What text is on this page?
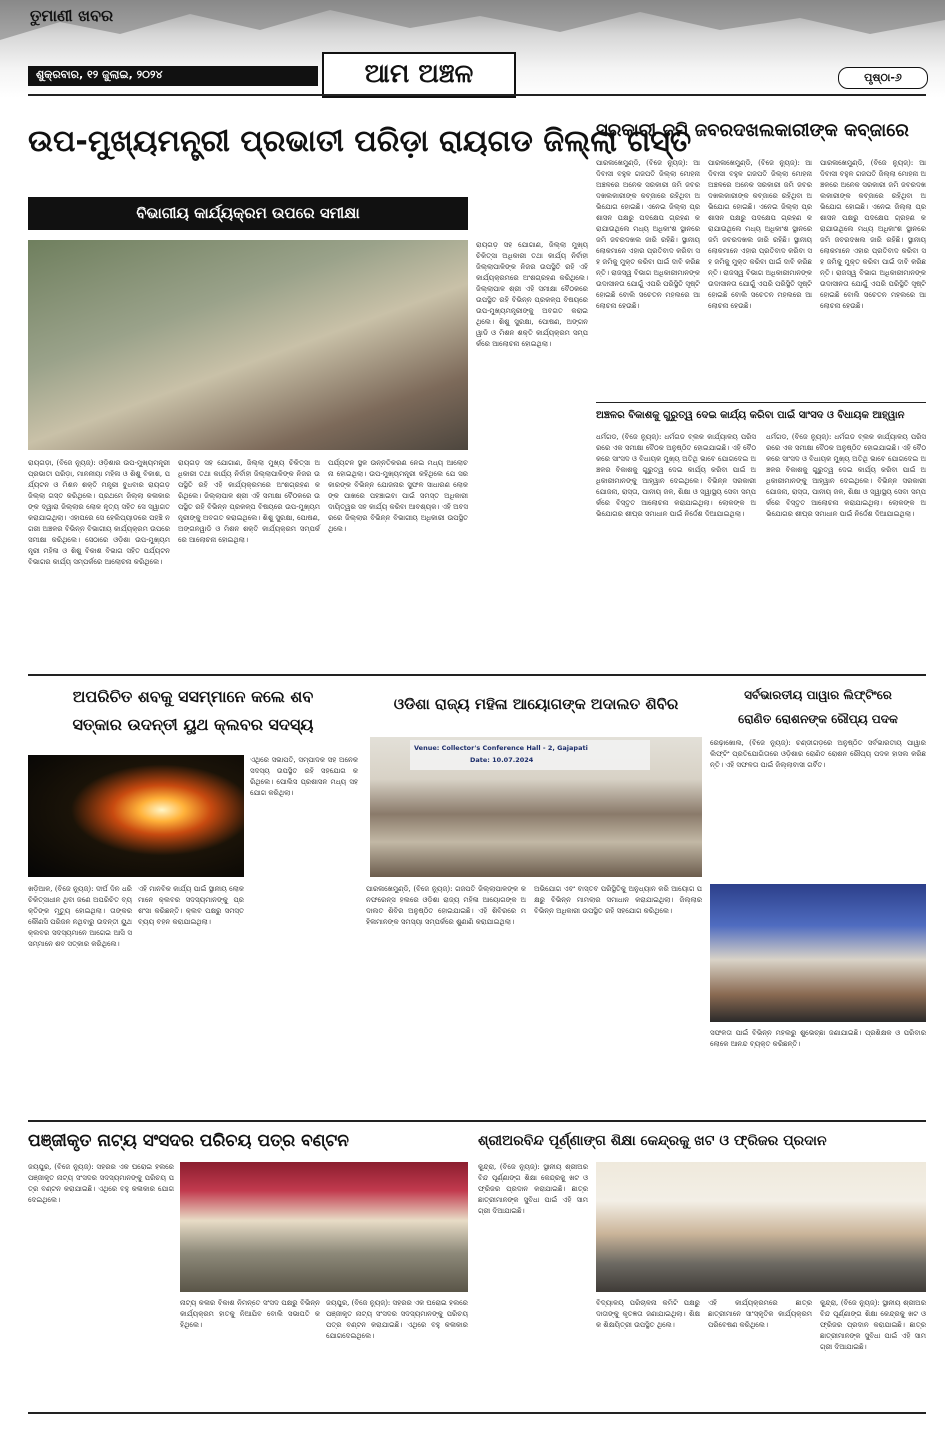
ତୁମାଣୀ ଖବର
ଆମ ଅଞ୍ଚଳ
ଶୁକ୍ରବାର, ୧୨ ଜୁଲାଇ, ୨୦୨୪	ପୃଷ୍ଠା-୬
ଉପ-ମୁଖ୍ୟମନ୍ତ୍ରୀ ପ୍ରଭାତୀ ପରିଡ଼ା ରାୟଗଡ ଜିଲ୍ଲା ଗସ୍ତ
ବିଭାଗୀୟ କାର୍ଯ୍ୟକ୍ରମ ଉପରେ ସମୀକ୍ଷା
ରାୟଗଡ଼ା, (ବିଜେ ନ୍ୟୁଜ୍): ଓଡ଼ିଶାର ଉପ-ମୁଖ୍ୟମନ୍ତ୍ରୀ ପ୍ରଭାତୀ ପରିଡ଼ା, ମାନନୀୟା ମହିଳା ଓ ଶିଶୁ ବିକାଶ, ପର୍ଯ୍ୟଟନ ଓ ମିଶନ ଶକ୍ତି ମନ୍ତ୍ରୀ ବୁଧବାର ରାୟଗଡ଼ ଜିଲ୍ଲା ଗସ୍ତ କରିଥିଲେ। ପ୍ରଥମେ ଜିଲ୍ଲା କଳାକାରଙ୍କ ଦ୍ୱାରା ଜିଲ୍ଲାର ଲୋକ ନୃତ୍ୟ ସହିତ ସେ ସ୍ୱାଗତ କରାଯାଇଥିଲା। ଏହାପରେ ସେ ହେଲିପ୍ୟାଡରେ ପହଞ୍ଚି ନଗରୀ ଅଞ୍ଚଳର ବିଭିନ୍ନ ବିଭାଗୀୟ କାର୍ଯ୍ୟକ୍ରମ ଉପରେ ସମୀକ୍ଷା କରିଥିଲେ। ସେଠାରେ ଓଡ଼ିଶା ଉପ-ମୁଖ୍ୟମନ୍ତ୍ରୀ ମହିଳା ଓ ଶିଶୁ ବିକାଶ ବିଭାଗ ସହିତ ପର୍ଯ୍ୟଟନ ବିଭାଗର କାର୍ଯ୍ୟ ସମ୍ପର୍କରେ ଆଲୋଚନା କରିଥିଲେ।
ରାୟଗଡ଼ ସହ ଯୋଗାଣ, ଜିଲ୍ଲା ମୁଖ୍ୟ ଚିକିତ୍ସା ଅଧିକାରୀ ତଥା କାର୍ଯ୍ୟ ନିର୍ବାହୀ ଜିଲ୍ଲାପାଳିଙ୍କ ନିଜର ଉପସ୍ଥିତି ରହି ଏହି କାର୍ଯ୍ୟକ୍ରମରେ ଅଂଶଗ୍ରହଣ କରିଥିଲେ। ଜିଲ୍ଲାପାଳ ଶ୍ରୀ ଏହି ସମୀକ୍ଷା ବୈଠକରେ ଉପସ୍ଥିତ ରହି ବିଭିନ୍ନ ପ୍ରକଳ୍ପ ବିଷୟରେ ଉପ-ମୁଖ୍ୟମନ୍ତ୍ରୀଙ୍କୁ ଅବଗତ କରାଇଥିଲେ। ଶିଶୁ ସୁରକ୍ଷା, ପୋଷଣ, ଅଙ୍ଗନୱାଡି ଓ ମିଶନ ଶକ୍ତି କାର୍ଯ୍ୟକ୍ରମ ସମ୍ପର୍କରେ ଆଲୋଚନା ହୋଇଥିଲା।
ପର୍ଯ୍ୟଟନ ସ୍ଥଳ ଉନ୍ନତିକରଣ ନେଇ ମଧ୍ୟ ଆଲୋଚନା ହୋଇଥିଲା। ଉପ-ମୁଖ୍ୟମନ୍ତ୍ରୀ କହିଥିଲେ ଯେ ସରକାରଙ୍କ ବିଭିନ୍ନ ଯୋଜନାର ସୁଫଳ ସାଧାରଣ ଲୋକଙ୍କ ପାଖରେ ପହଞ୍ଚାଇବା ପାଇଁ ସମସ୍ତ ଅଧିକାରୀ ଦାୟିତ୍ୱର ସହ କାର୍ଯ୍ୟ କରିବା ଆବଶ୍ୟକ। ଏହି ଅବସରରେ ଜିଲ୍ଲାର ବିଭିନ୍ନ ବିଭାଗୀୟ ଅଧିକାରୀ ଉପସ୍ଥିତ ଥିଲେ।
ରାୟଗଡ଼ ସହ ଯୋଗାଣ, ଜିଲ୍ଲା ମୁଖ୍ୟ ଚିକିତ୍ସା ଅଧିକାରୀ ତଥା କାର୍ଯ୍ୟ ନିର୍ବାହୀ ଜିଲ୍ଲାପାଳିଙ୍କ ନିଜର ଉପସ୍ଥିତି ରହି ଏହି କାର୍ଯ୍ୟକ୍ରମରେ ଅଂଶଗ୍ରହଣ କରିଥିଲେ। ଜିଲ୍ଲାପାଳ ଶ୍ରୀ ଏହି ସମୀକ୍ଷା ବୈଠକରେ ଉପସ୍ଥିତ ରହି ବିଭିନ୍ନ ପ୍ରକଳ୍ପ ବିଷୟରେ ଉପ-ମୁଖ୍ୟମନ୍ତ୍ରୀଙ୍କୁ ଅବଗତ କରାଇଥିଲେ। ଶିଶୁ ସୁରକ୍ଷା, ପୋଷଣ, ଅଙ୍ଗନୱାଡି ଓ ମିଶନ ଶକ୍ତି କାର୍ଯ୍ୟକ୍ରମ ସମ୍ପର୍କରେ ଆଲୋଚନା ହୋଇଥିଲା।
ସରକାରୀ ଜମି ଜବରଦଖଲକାରୀଙ୍କ କବ୍ଜାରେ
ପାରଳାଖେମୁଣ୍ଡି, (ବିଜେ ନ୍ୟୁଜ୍): ଆଦିବାସୀ ବହୁଳ ଗଜପତି ଜିଲ୍ଲା ମୋହନା ଅଞ୍ଚଳରେ ଅନେକ ସରକାରୀ ଜମି ଜବରଦଖଲକାରୀଙ୍କ କବ୍ଜାରେ ରହିଥିବା ଅଭିଯୋଗ ହୋଇଛି। ଏନେଇ ଜିଲ୍ଲା ପ୍ରଶାସନ ପକ୍ଷରୁ ପଦକ୍ଷେପ ଗ୍ରହଣ କରାଯାଉଥିଲେ ମଧ୍ୟ ଅଧିକାଂଶ ସ୍ଥାନରେ ଜମି ଜବରଦଖଲ ଜାରି ରହିଛି। ସ୍ଥାନୀୟ ଲୋକମାନେ ଏହାର ପ୍ରତିବାଦ କରିବା ସହ ଜମିକୁ ମୁକ୍ତ କରିବା ପାଇଁ ଦାବି କରିଛନ୍ତି। ରାଜସ୍ୱ ବିଭାଗ ଅଧିକାରୀମାନଙ୍କ ଉଦାସୀନତା ଯୋଗୁଁ ଏପରି ପରିସ୍ଥିତି ସୃଷ୍ଟି ହୋଇଛି ବୋଲି ସଚେତନ ମହଲରେ ଆଲୋଚନା ହେଉଛି।
ପାରଳାଖେମୁଣ୍ଡି, (ବିଜେ ନ୍ୟୁଜ୍): ଆଦିବାସୀ ବହୁଳ ଗଜପତି ଜିଲ୍ଲା ମୋହନା ଅଞ୍ଚଳରେ ଅନେକ ସରକାରୀ ଜମି ଜବରଦଖଲକାରୀଙ୍କ କବ୍ଜାରେ ରହିଥିବା ଅଭିଯୋଗ ହୋଇଛି। ଏନେଇ ଜିଲ୍ଲା ପ୍ରଶାସନ ପକ୍ଷରୁ ପଦକ୍ଷେପ ଗ୍ରହଣ କରାଯାଉଥିଲେ ମଧ୍ୟ ଅଧିକାଂଶ ସ୍ଥାନରେ ଜମି ଜବରଦଖଲ ଜାରି ରହିଛି। ସ୍ଥାନୀୟ ଲୋକମାନେ ଏହାର ପ୍ରତିବାଦ କରିବା ସହ ଜମିକୁ ମୁକ୍ତ କରିବା ପାଇଁ ଦାବି କରିଛନ୍ତି। ରାଜସ୍ୱ ବିଭାଗ ଅଧିକାରୀମାନଙ୍କ ଉଦାସୀନତା ଯୋଗୁଁ ଏପରି ପରିସ୍ଥିତି ସୃଷ୍ଟି ହୋଇଛି ବୋଲି ସଚେତନ ମହଲରେ ଆଲୋଚନା ହେଉଛି।
ପାରଳାଖେମୁଣ୍ଡି, (ବିଜେ ନ୍ୟୁଜ୍): ଆଦିବାସୀ ବହୁଳ ଗଜପତି ଜିଲ୍ଲା ମୋହନା ଅଞ୍ଚଳରେ ଅନେକ ସରକାରୀ ଜମି ଜବରଦଖଲକାରୀଙ୍କ କବ୍ଜାରେ ରହିଥିବା ଅଭିଯୋଗ ହୋଇଛି। ଏନେଇ ଜିଲ୍ଲା ପ୍ରଶାସନ ପକ୍ଷରୁ ପଦକ୍ଷେପ ଗ୍ରହଣ କରାଯାଉଥିଲେ ମଧ୍ୟ ଅଧିକାଂଶ ସ୍ଥାନରେ ଜମି ଜବରଦଖଲ ଜାରି ରହିଛି। ସ୍ଥାନୀୟ ଲୋକମାନେ ଏହାର ପ୍ରତିବାଦ କରିବା ସହ ଜମିକୁ ମୁକ୍ତ କରିବା ପାଇଁ ଦାବି କରିଛନ୍ତି। ରାଜସ୍ୱ ବିଭାଗ ଅଧିକାରୀମାନଙ୍କ ଉଦାସୀନତା ଯୋଗୁଁ ଏପରି ପରିସ୍ଥିତି ସୃଷ୍ଟି ହୋଇଛି ବୋଲି ସଚେତନ ମହଲରେ ଆଲୋଚନା ହେଉଛି।
ଅଞ୍ଚଳର ବିକାଶକୁ ଗୁରୁତ୍ୱ ଦେଇ କାର୍ଯ୍ୟ କରିବା ପାଇଁ ସାଂସଦ ଓ ବିଧାୟକ ଆହ୍ୱାନ
ଧର୍ମଗଡ, (ବିଜେ ନ୍ୟୁଜ୍): ଧର୍ମଗଡ ବ୍ଲକ କାର୍ଯ୍ୟାଳୟ ପରିସରରେ ଏକ ସମୀକ୍ଷା ବୈଠକ ଅନୁଷ୍ଠିତ ହୋଇଯାଇଛି। ଏହି ବୈଠକରେ ସାଂସଦ ଓ ବିଧାୟକ ମୁଖ୍ୟ ଅତିଥି ଭାବେ ଯୋଗଦେଇ ଅଞ୍ଚଳର ବିକାଶକୁ ଗୁରୁତ୍ୱ ଦେଇ କାର୍ଯ୍ୟ କରିବା ପାଇଁ ଅଧିକାରୀମାନଙ୍କୁ ଆହ୍ୱାନ ଦେଇଥିଲେ। ବିଭିନ୍ନ ସରକାରୀ ଯୋଜନା, ରାସ୍ତା, ପାନୀୟ ଜଳ, ଶିକ୍ଷା ଓ ସ୍ୱାସ୍ଥ୍ୟ ସେବା ସମ୍ପର୍କରେ ବିସ୍ତୃତ ଆଲୋଚନା କରାଯାଇଥିଲା। ଲୋକଙ୍କ ଅଭିଯୋଗର ଶୀଘ୍ର ସମାଧାନ ପାଇଁ ନିର୍ଦ୍ଦେଶ ଦିଆଯାଇଥିଲା।
ଧର୍ମଗଡ, (ବିଜେ ନ୍ୟୁଜ୍): ଧର୍ମଗଡ ବ୍ଲକ କାର୍ଯ୍ୟାଳୟ ପରିସରରେ ଏକ ସମୀକ୍ଷା ବୈଠକ ଅନୁଷ୍ଠିତ ହୋଇଯାଇଛି। ଏହି ବୈଠକରେ ସାଂସଦ ଓ ବିଧାୟକ ମୁଖ୍ୟ ଅତିଥି ଭାବେ ଯୋଗଦେଇ ଅଞ୍ଚଳର ବିକାଶକୁ ଗୁରୁତ୍ୱ ଦେଇ କାର୍ଯ୍ୟ କରିବା ପାଇଁ ଅଧିକାରୀମାନଙ୍କୁ ଆହ୍ୱାନ ଦେଇଥିଲେ। ବିଭିନ୍ନ ସରକାରୀ ଯୋଜନା, ରାସ୍ତା, ପାନୀୟ ଜଳ, ଶିକ୍ଷା ଓ ସ୍ୱାସ୍ଥ୍ୟ ସେବା ସମ୍ପର୍କରେ ବିସ୍ତୃତ ଆଲୋଚନା କରାଯାଇଥିଲା। ଲୋକଙ୍କ ଅଭିଯୋଗର ଶୀଘ୍ର ସମାଧାନ ପାଇଁ ନିର୍ଦ୍ଦେଶ ଦିଆଯାଇଥିଲା।
ଅପରିଚିତ ଶବକୁ ସସମ୍ମାନେ କଲେ ଶବ
ସତ୍କାର ଉଦନ୍ତୀ ୟୁଥ କ୍ଲବର ସଦସ୍ୟ
ଖଡ଼ିଆଳ, (ବିଜେ ନ୍ୟୁଜ୍): ଦୀର୍ଘ ଦିନ ଧରି ଚିକିତ୍ସାଧୀନ ଥିବା ଜଣେ ଅପରିଚିତ ବ୍ୟକ୍ତିଙ୍କ ମୃତ୍ୟୁ ହୋଇଥିଲା। ତାଙ୍କର କୌଣସି ପରିଜନ ନଥିବାରୁ ଉଦନ୍ତୀ ୟୁଥ କ୍ଲବର ସଦସ୍ୟମାନେ ଆଗେଇ ଆସି ସସମ୍ମାନେ ଶବ ସତ୍କାର କରିଥିଲେ।
ଏହି ମାନବିକ କାର୍ଯ୍ୟ ପାଇଁ ସ୍ଥାନୀୟ ଲୋକମାନେ କ୍ଲବର ସଦସ୍ୟମାନଙ୍କୁ ପ୍ରଶଂସା କରିଛନ୍ତି। କ୍ଲବ ପକ୍ଷରୁ ସମସ୍ତ ବ୍ୟୟ ବହନ କରାଯାଇଥିଲା।
ଏଥିରେ ସଭାପତି, ସମ୍ପାଦକ ସହ ଅନେକ ସଦସ୍ୟ ଉପସ୍ଥିତ ରହି ସହଯୋଗ କରିଥିଲେ। ପୋଲିସ ପ୍ରଶାସନ ମଧ୍ୟ ସହଯୋଗ କରିଥିଲା।
ଓଡିଶା ରାଜ୍ୟ ମହିଳା ଆୟୋଗଙ୍କ ଅଦାଲତ ଶିବିର
Venue: Collector's Conference Hall - 2, Gajapati
Date: 10.07.2024
ପାରଳାଖେମୁଣ୍ଡି, (ବିଜେ ନ୍ୟୁଜ୍): ଗଜପତି ଜିଲ୍ଲାପାଳଙ୍କ କନଫରେନ୍ସ ହଲରେ ଓଡ଼ିଶା ରାଜ୍ୟ ମହିଳା ଆୟୋଗଙ୍କ ଅଦାଲତ ଶିବିର ଅନୁଷ୍ଠିତ ହୋଇଯାଇଛି। ଏହି ଶିବିରରେ ମହିଳାମାନଙ୍କ ସମସ୍ୟା ସମ୍ପର୍କରେ ଶୁଣାଣି କରାଯାଇଥିଲା।
ଅଭିଯୋଗ ଏବଂ ବାସ୍ତବ ପରିସ୍ଥିତିକୁ ଅନୁଧ୍ୟାନ କରି ଆୟୋଗ ପକ୍ଷରୁ ବିଭିନ୍ନ ମାମଲାର ସମାଧାନ କରାଯାଇଥିଲା। ଜିଲ୍ଲାର ବିଭିନ୍ନ ଅଧିକାରୀ ଉପସ୍ଥିତ ରହି ସହଯୋଗ କରିଥିଲେ।
ସର୍ବଭାରତୀୟ ପାୱାର ଲିଫ୍ଟିଂରେ
ରୋଣିତ ରୋଶନଙ୍କ ରୌପ୍ୟ ପଦକ
ରେଢ଼ାଖୋଲ, (ବିଜେ ନ୍ୟୁଜ୍): ଚଣ୍ଡୀଗଡ଼ରେ ଅନୁଷ୍ଠିତ ସର୍ବଭାରତୀୟ ପାୱାର ଲିଫ୍ଟିଂ ପ୍ରତିଯୋଗିତାରେ ଓଡ଼ିଶାର ରୋଣିତ ରୋଶନ ରୌପ୍ୟ ପଦକ ହାସଲ କରିଛନ୍ତି। ଏହି ସଫଳତା ପାଇଁ ଜିଲ୍ଲାବାସୀ ଗର୍ବିତ।
ସଫଳତା ପାଇଁ ବିଭିନ୍ନ ମହଲରୁ ଶୁଭେଚ୍ଛା ଜଣାଯାଇଛି। ପ୍ରଶିକ୍ଷକ ଓ ପରିବାର ଲୋକେ ଆନନ୍ଦ ବ୍ୟକ୍ତ କରିଛନ୍ତି।
ପଞ୍ଜୀକୃତ ନାଟ୍ୟ ସଂସଦର ପରିଚୟ ପତ୍ର ବଣ୍ଟନ
ଜୟପୁର, (ବିଜେ ନ୍ୟୁଜ୍): ସହରର ଏକ ଘରୋଇ ହଲରେ ପଞ୍ଜୀକୃତ ନାଟ୍ୟ ସଂସଦର ସଦସ୍ୟମାନଙ୍କୁ ପରିଚୟ ପତ୍ର ବଣ୍ଟନ କରାଯାଇଛି। ଏଥିରେ ବହୁ କଳାକାର ଯୋଗଦେଇଥିଲେ।
ନାଟ୍ୟ କଳାର ବିକାଶ ନିମନ୍ତେ ସଂସଦ ପକ୍ଷରୁ ବିଭିନ୍ନ କାର୍ଯ୍ୟକ୍ରମ ହାତକୁ ନିଆଯିବ ବୋଲି ସଭାପତି କହିଥିଲେ।
ଜୟପୁର, (ବିଜେ ନ୍ୟୁଜ୍): ସହରର ଏକ ଘରୋଇ ହଲରେ ପଞ୍ଜୀକୃତ ନାଟ୍ୟ ସଂସଦର ସଦସ୍ୟମାନଙ୍କୁ ପରିଚୟ ପତ୍ର ବଣ୍ଟନ କରାଯାଇଛି। ଏଥିରେ ବହୁ କଳାକାର ଯୋଗଦେଇଥିଲେ।
ଶ୍ରୀଅରବିନ୍ଦ ପୂର୍ଣ୍ଣାଙ୍ଗ ଶିକ୍ଷା କେନ୍ଦ୍ରକୁ ଖଟ ଓ ଫ୍ରିଜର ପ୍ରଦାନ
କୁନ୍ଦ୍ରା, (ବିଜେ ନ୍ୟୁଜ୍): ସ୍ଥାନୀୟ ଶ୍ରୀଅରବିନ୍ଦ ପୂର୍ଣ୍ଣାଙ୍ଗ ଶିକ୍ଷା କେନ୍ଦ୍ରକୁ ଖଟ ଓ ଫ୍ରିଜର ପ୍ରଦାନ କରାଯାଇଛି। ଛାତ୍ରଛାତ୍ରୀମାନଙ୍କ ସୁବିଧା ପାଇଁ ଏହି ସାମଗ୍ରୀ ଦିଆଯାଇଛି।
ବିଦ୍ୟାଳୟ ପରିଚାଳନା କମିଟି ପକ୍ଷରୁ ଦାତାଙ୍କୁ କୃତଜ୍ଞତା ଜଣାଯାଇଥିଲା। ଶିକ୍ଷକ ଶିକ୍ଷୟିତ୍ରୀ ଉପସ୍ଥିତ ଥିଲେ।
ଏହି କାର୍ଯ୍ୟକ୍ରମରେ ଛାତ୍ରଛାତ୍ରୀମାନେ ସାଂସ୍କୃତିକ କାର୍ଯ୍ୟକ୍ରମ ପରିବେଷଣ କରିଥିଲେ।
କୁନ୍ଦ୍ରା, (ବିଜେ ନ୍ୟୁଜ୍): ସ୍ଥାନୀୟ ଶ୍ରୀଅରବିନ୍ଦ ପୂର୍ଣ୍ଣାଙ୍ଗ ଶିକ୍ଷା କେନ୍ଦ୍ରକୁ ଖଟ ଓ ଫ୍ରିଜର ପ୍ରଦାନ କରାଯାଇଛି। ଛାତ୍ରଛାତ୍ରୀମାନଙ୍କ ସୁବିଧା ପାଇଁ ଏହି ସାମଗ୍ରୀ ଦିଆଯାଇଛି।
